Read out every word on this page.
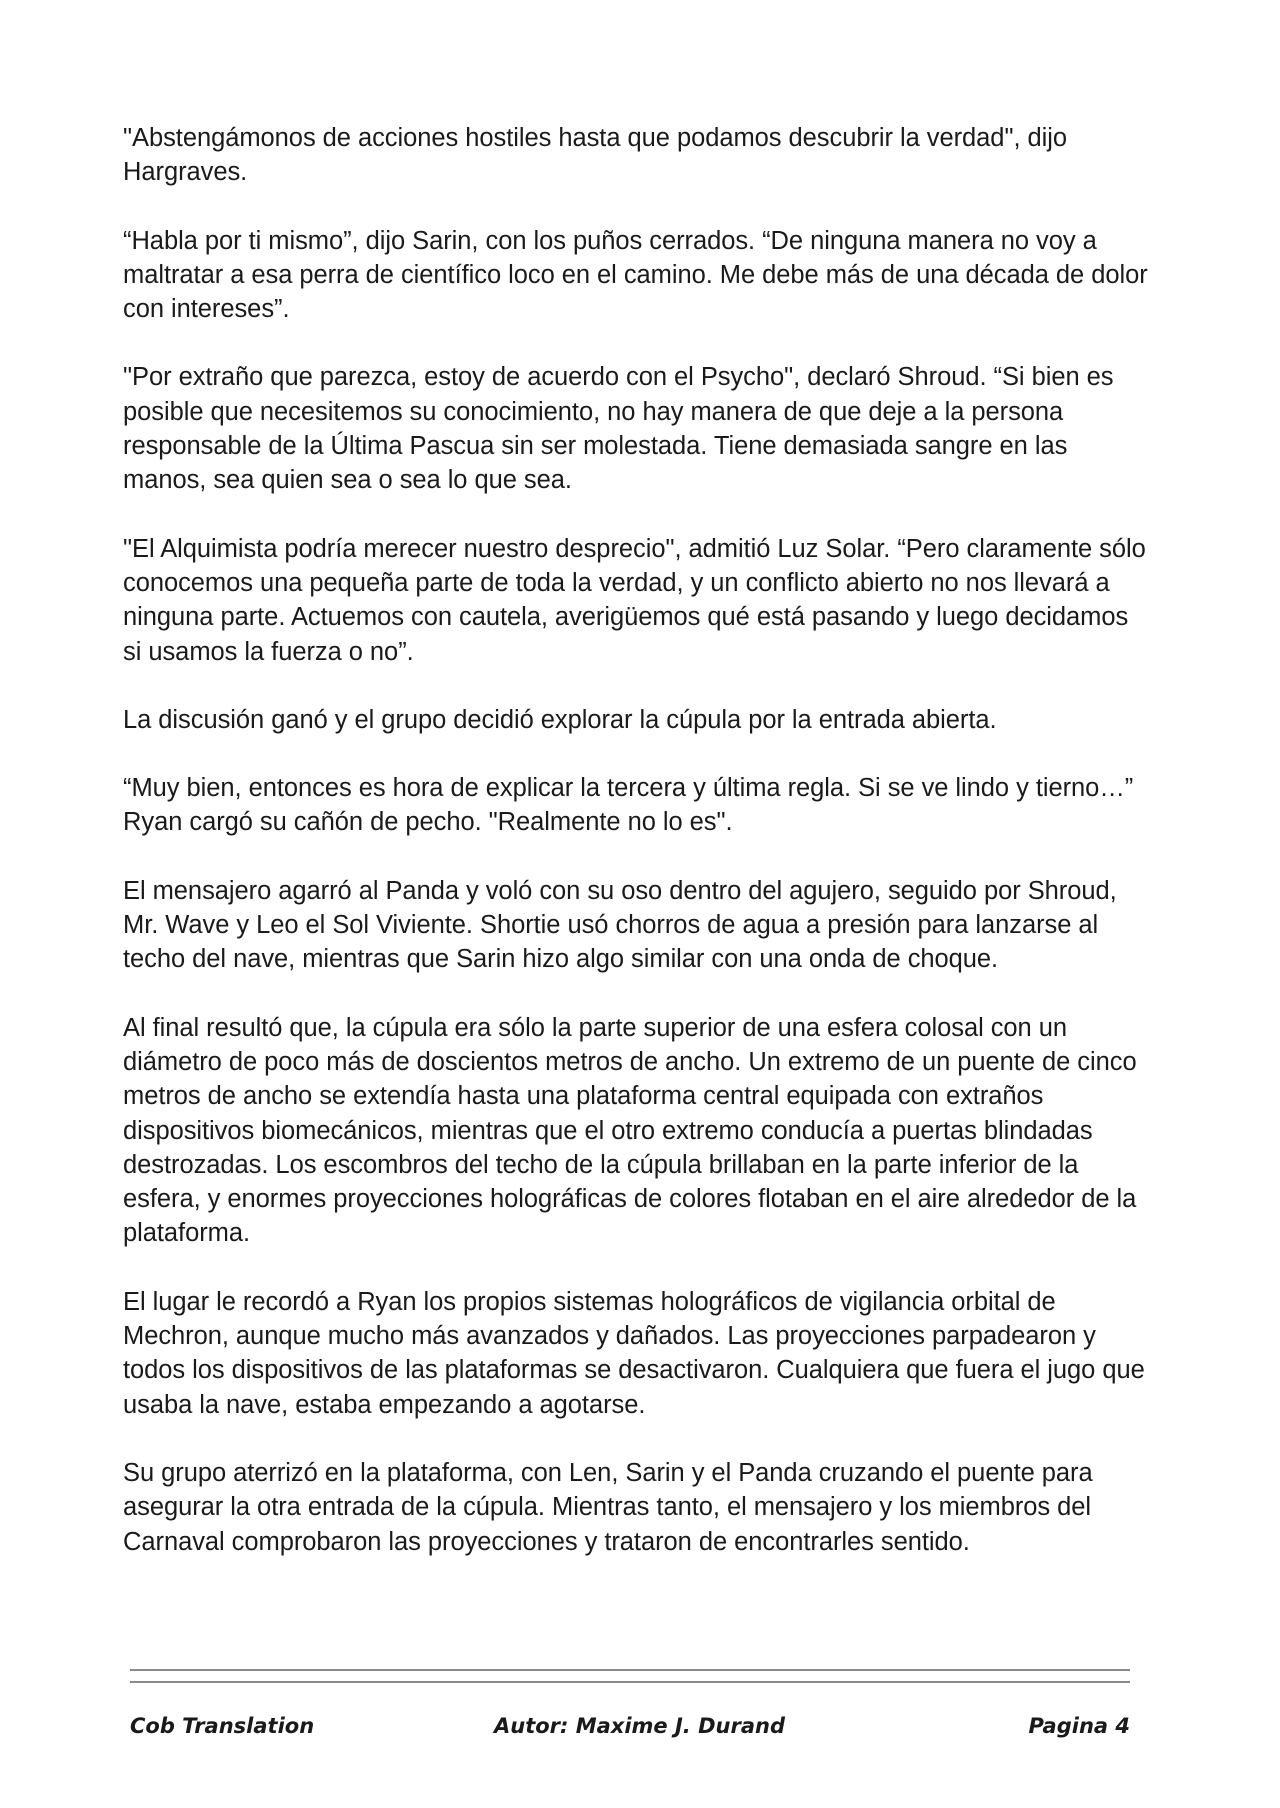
"Abstengámonos de acciones hostiles hasta que podamos descubrir la verdad", dijo Hargraves.

“Habla por ti mismo”, dijo Sarin, con los puños cerrados. “De ninguna manera no voy a maltratar a esa perra de científico loco en el camino. Me debe más de una década de dolor con intereses”.

"Por extraño que parezca, estoy de acuerdo con el Psycho", declaró Shroud. “Si bien es posible que necesitemos su conocimiento, no hay manera de que deje a la persona responsable de la Última Pascua sin ser molestada. Tiene demasiada sangre en las manos, sea quien sea o sea lo que sea.

"El Alquimista podría merecer nuestro desprecio", admitió Luz Solar. “Pero claramente sólo conocemos una pequeña parte de toda la verdad, y un conflicto abierto no nos llevará a ninguna parte. Actuemos con cautela, averigüemos qué está pasando y luego decidamos si usamos la fuerza o no”.

La discusión ganó y el grupo decidió explorar la cúpula por la entrada abierta.

“Muy bien, entonces es hora de explicar la tercera y última regla. Si se ve lindo y tierno…” Ryan cargó su cañón de pecho. "Realmente no lo es".

El mensajero agarró al Panda y voló con su oso dentro del agujero, seguido por Shroud, Mr. Wave y Leo el Sol Viviente. Shortie usó chorros de agua a presión para lanzarse al techo del nave, mientras que Sarin hizo algo similar con una onda de choque.

Al final resultó que, la cúpula era sólo la parte superior de una esfera colosal con un diámetro de poco más de doscientos metros de ancho. Un extremo de un puente de cinco metros de ancho se extendía hasta una plataforma central equipada con extraños dispositivos biomecánicos, mientras que el otro extremo conducía a puertas blindadas destrozadas. Los escombros del techo de la cúpula brillaban en la parte inferior de la esfera, y enormes proyecciones holográficas de colores flotaban en el aire alrededor de la plataforma.

El lugar le recordó a Ryan los propios sistemas holográficos de vigilancia orbital de Mechron, aunque mucho más avanzados y dañados. Las proyecciones parpadearon y todos los dispositivos de las plataformas se desactivaron. Cualquiera que fuera el jugo que usaba la nave, estaba empezando a agotarse.

Su grupo aterrizó en la plataforma, con Len, Sarin y el Panda cruzando el puente para asegurar la otra entrada de la cúpula. Mientras tanto, el mensajero y los miembros del Carnaval comprobaron las proyecciones y trataron de encontrarles sentido.

Cob Translation	Autor: Maxime J. Durand	Pagina 4
